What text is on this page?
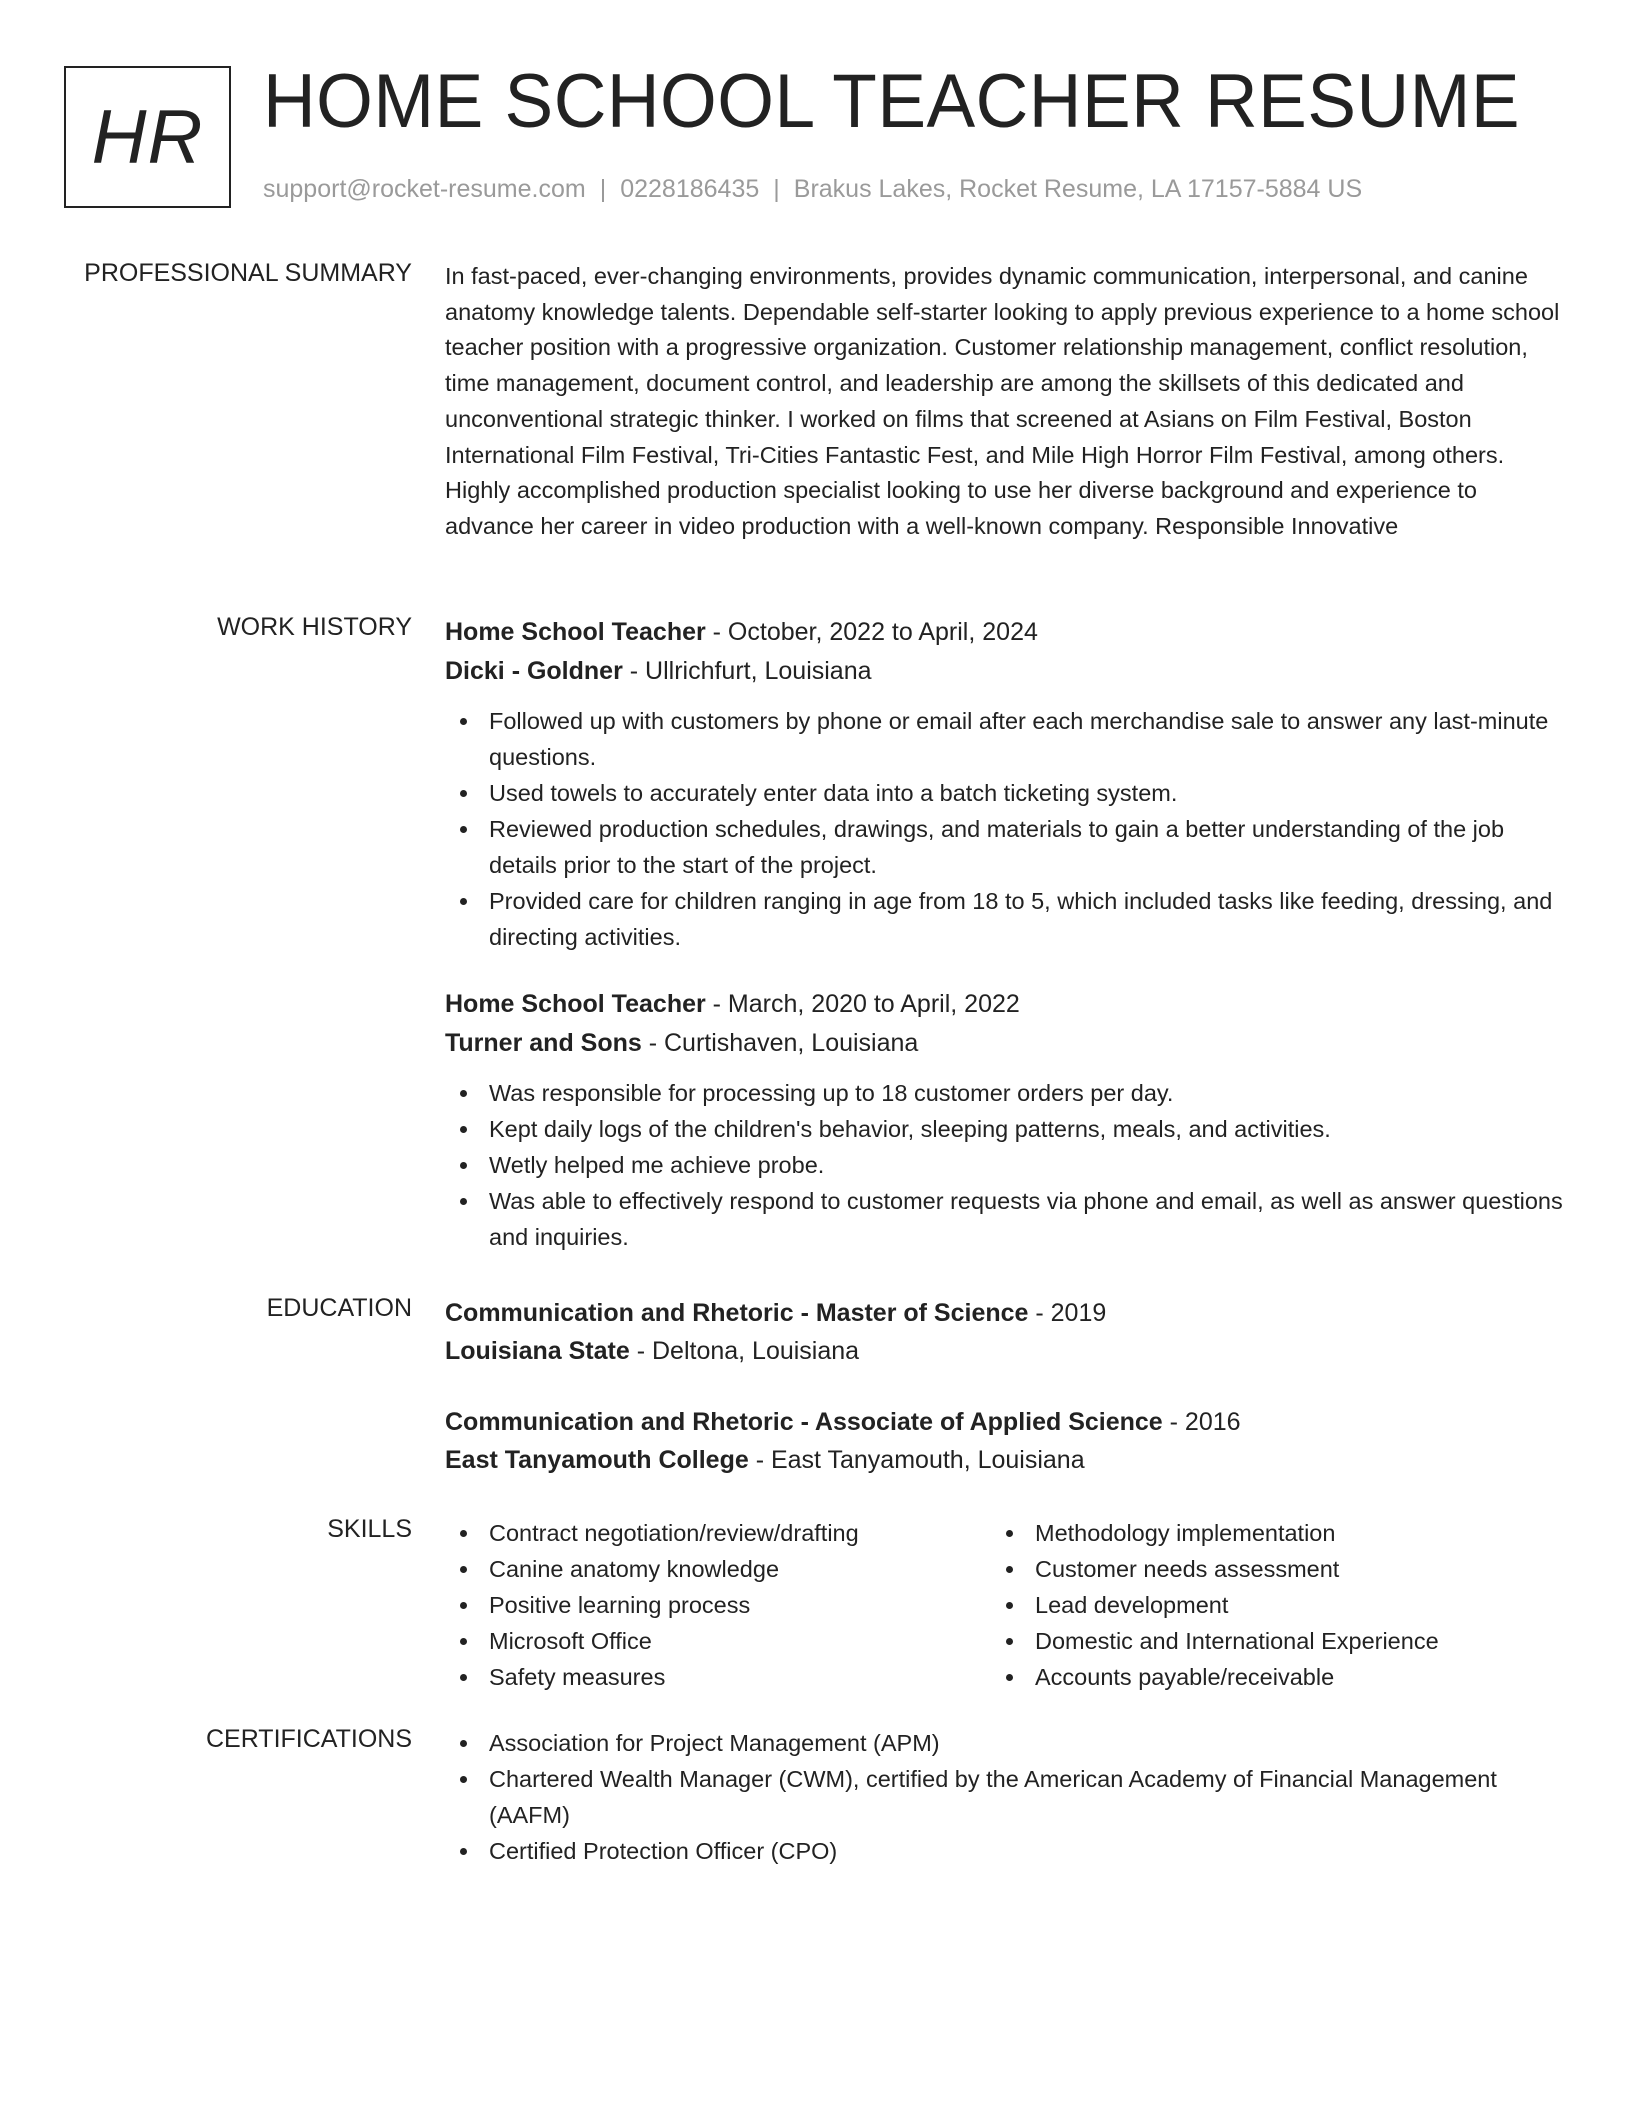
HR HOME SCHOOL TEACHER RESUME
support@rocket-resume.com | 0228186435 | Brakus Lakes, Rocket Resume, LA 17157-5884 US
PROFESSIONAL SUMMARY In fast-paced, ever-changing environments, provides dynamic communication, interpersonal, and canine anatomy knowledge talents. Dependable self-starter looking to apply previous experience to a home school teacher position with a progressive organization. Customer relationship management, conflict resolution, time management, document control, and leadership are among the skillsets of this dedicated and unconventional strategic thinker. I worked on films that screened at Asians on Film Festival, Boston International Film Festival, Tri-Cities Fantastic Fest, and Mile High Horror Film Festival, among others. Highly accomplished production specialist looking to use her diverse background and experience to advance her career in video production with a well-known company. Responsible Innovative

WORK HISTORY Home School Teacher - October, 2022 to April, 2024
Dicki - Goldner - Ullrichfurt, Louisiana
Followed up with customers by phone or email after each merchandise sale to answer any last-minute questions.
Used towels to accurately enter data into a batch ticketing system.
Reviewed production schedules, drawings, and materials to gain a better understanding of the job details prior to the start of the project.
Provided care for children ranging in age from 18 to 5, which included tasks like feeding, dressing, and directing activities.
Home School Teacher - March, 2020 to April, 2022
Turner and Sons - Curtishaven, Louisiana
Was responsible for processing up to 18 customer orders per day.
Kept daily logs of the children's behavior, sleeping patterns, meals, and activities.
Wetly helped me achieve probe.
Was able to effectively respond to customer requests via phone and email, as well as answer questions and inquiries.
EDUCATION Communication and Rhetoric - Master of Science - 2019
Louisiana State - Deltona, Louisiana
Communication and Rhetoric - Associate of Applied Science - 2016
East Tanyamouth College - East Tanyamouth, Louisiana
SKILLS	Contract negotiation/review/drafting
Canine anatomy knowledge
Positive learning process
Microsoft Office
Safety measures
Methodology implementation
Customer needs assessment
Lead development
Domestic and International Experience
Accounts payable/receivable
CERTIFICATIONS	Association for Project Management (APM)
Chartered Wealth Manager (CWM), certified by the American Academy of Financial Management (AAFM)
Certified Protection Officer (CPO)
